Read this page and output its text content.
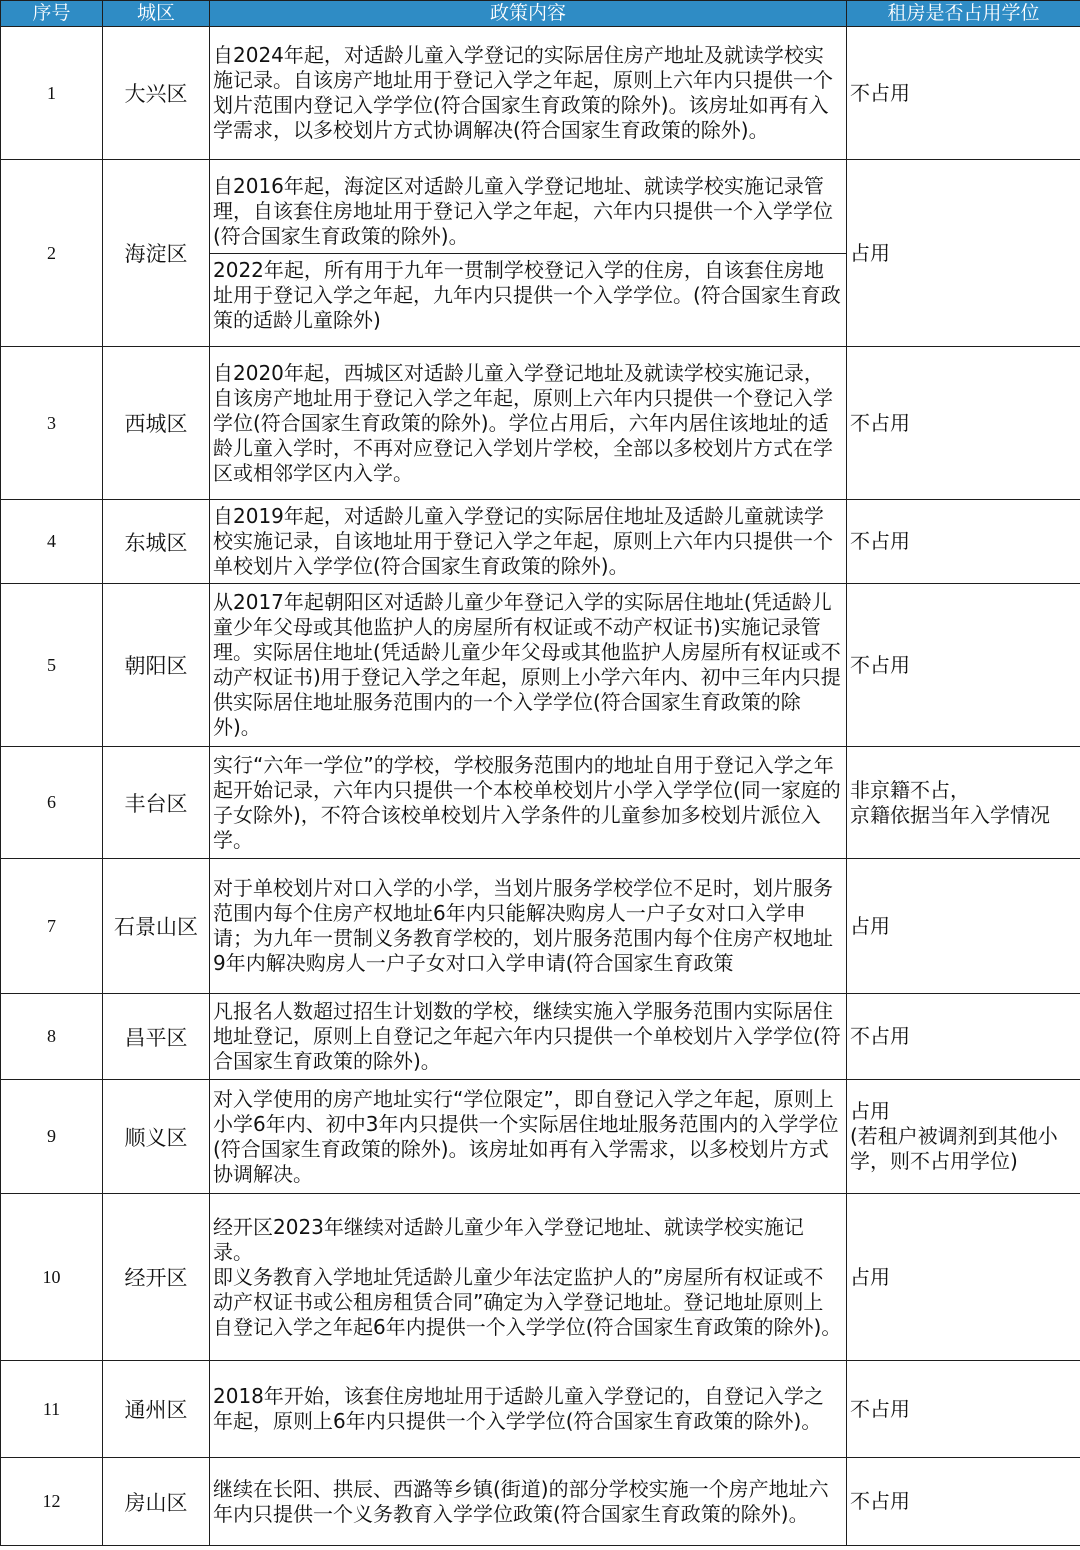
序号	城区	政策内容	租房是否占用学位
1	大兴区	自2024年起，对适龄儿童入学登记的实际居住房产地址及就读学校实施记录。自该房产地址用于登记入学之年起，原则上六年内只提供一个划片范围内登记入学学位(符合国家生育政策的除外)。该房址如再有入学需求，以多校划片方式协调解决(符合国家生育政策的除外)。	不占用
2	海淀区	自2016年起，海淀区对适龄儿童入学登记地址、就读学校实施记录管理，自该套住房地址用于登记入学之年起，六年内只提供一个入学学位(符合国家生育政策的除外)。
2022年起，所有用于九年一贯制学校登记入学的住房，自该套住房地址用于登记入学之年起，九年内只提供一个入学学位。(符合国家生育政策的适龄儿童除外)	占用
3	西城区	自2020年起，西城区对适龄儿童入学登记地址及就读学校实施记录，自该房产地址用于登记入学之年起，原则上六年内只提供一个登记入学学位(符合国家生育政策的除外)。学位占用后，六年内居住该地址的适龄儿童入学时，不再对应登记入学划片学校，全部以多校划片方式在学区或相邻学区内入学。	不占用
4	东城区	自2019年起，对适龄儿童入学登记的实际居住地址及适龄儿童就读学校实施记录，自该地址用于登记入学之年起，原则上六年内只提供一个单校划片入学学位(符合国家生育政策的除外)。	不占用
5	朝阳区	从2017年起朝阳区对适龄儿童少年登记入学的实际居住地址(凭适龄儿童少年父母或其他监护人的房屋所有权证或不动产权证书)实施记录管理。实际居住地址(凭适龄儿童少年父母或其他监护人房屋所有权证或不动产权证书)用于登记入学之年起，原则上小学六年内、初中三年内只提供实际居住地址服务范围内的一个入学学位(符合国家生育政策的除外)。	不占用
6	丰台区	实行“六年一学位”的学校，学校服务范围内的地址自用于登记入学之年起开始记录，六年内只提供一个本校单校划片小学入学学位(同一家庭的子女除外)，不符合该校单校划片入学条件的儿童参加多校划片派位入学。	非京籍不占，
京籍依据当年入学情况
7	石景山区	对于单校划片对口入学的小学，当划片服务学校学位不足时，划片服务
范围内每个住房产权地址6年内只能解决购房人一户子女对口入学申请；为九年一贯制义务教育学校的，划片服务范围内每个住房产权地址9年内解决购房人一户子女对口入学申请(符合国家生育政策	占用
8	昌平区	凡报名人数超过招生计划数的学校，继续实施入学服务范围内实际居住地址登记，原则上自登记之年起六年内只提供一个单校划片入学学位(符合国家生育政策的除外)。	不占用
9	顺义区	对入学使用的房产地址实行“学位限定”，即自登记入学之年起，原则上小学6年内、初中3年内只提供一个实际居住地址服务范围内的入学学位(符合国家生育政策的除外)。该房址如再有入学需求，以多校划片方式协调解决。	占用
(若租户被调剂到其他小学，则不占用学位)
10	经开区	经开区2023年继续对适龄儿童少年入学登记地址、就读学校实施记录。
即义务教育入学地址凭适龄儿童少年法定监护人的”房屋所有权证或不动产权证书或公租房租赁合同”确定为入学登记地址。登记地址原则上自登记入学之年起6年内提供一个入学学位(符合国家生育政策的除外)。	占用
11	通州区	2018年开始，该套住房地址用于适龄儿童入学登记的，自登记入学之年起，原则上6年内只提供一个入学学位(符合国家生育政策的除外)。	不占用
12	房山区	继续在长阳、拱辰、西潞等乡镇(街道)的部分学校实施一个房产地址六年内只提供一个义务教育入学学位政策(符合国家生育政策的除外)。	不占用
